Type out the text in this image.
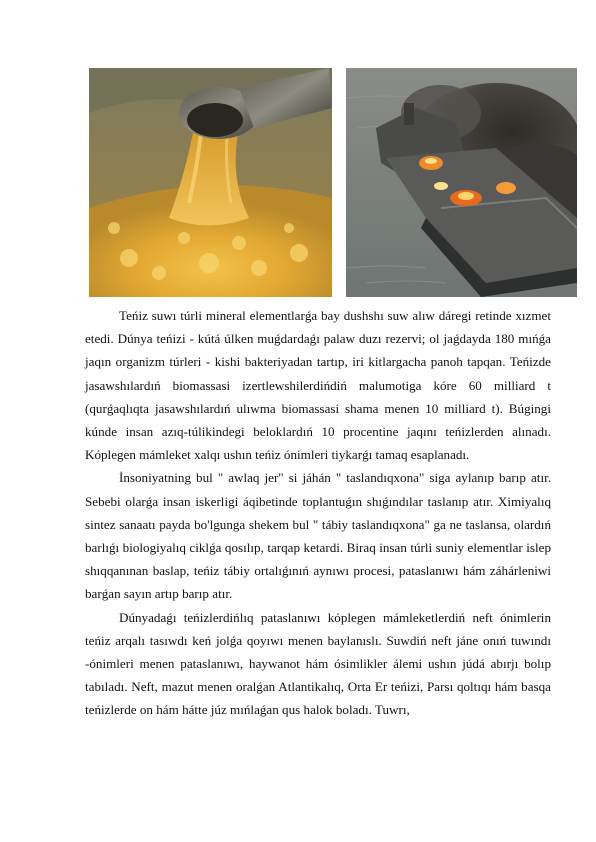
Teńiz suwı túrli mineral elementlarǵa bay dushshı suw alıw dáregi retinde xızmet etedi. Dúnya teńizi - kútá úlken muǵdardaǵı palaw duzı rezervi; ol jaǵdayda 180 mıńǵa jaqın organizm túrleri - kishi bakteriyadan tartıp, iri kitlargacha panoh tapqan. Teńizde jasawshılardıń biomassasi izertlewshilerdińdiń malumotiga kóre 60 milliard t (qurǵaqlıqta jasawshılardıń ulıwma biomassasi shama menen 10 milliard t). Búgingi kúnde insan azıq-túlikindegi beloklardıń 10 procentine jaqını teńizlerden alınadı. Kóplegen mámleket xalqı ushın teńiz ónimleri tiykarǵı tamaq esaplanadı.

İnsoniyatning bul " awlaq jer" si jáhán " taslandıqxona" siga aylanıp barıp atır. Sebebi olarǵa insan iskerligi áqibetinde toplantuǵın shıǵındılar taslanıp atır. Ximiyalıq sintez sanaatı payda bo'lgunga shekem bul " tábiy taslandıqxona" ga ne taslansa, olardıń barlıǵı biologiyalıq ciklǵa qosılıp, tarqap ketardi. Biraq insan túrli suniy elementlar islep shıqqanınan baslap, teńiz tábiy ortalıǵınıń aynıwı procesi, pataslanıwı hám záhárleniwi barǵan sayın artıp barıp atır.

Dúnyadaǵı teńizlerdińlıq pataslanıwı kóplegen mámleketlerdiń neft ónimlerin teńiz arqalı tasıwdı keń jolǵa qoyıwı menen baylanıslı. Suwdiń neft jáne onıń tuwındı -ónimleri menen pataslanıwı, haywanot hám ósimlikler álemi ushın júdá abırjı bolıp tabıladı. Neft, mazut menen oralǵan Atlantikalıq, Orta Er teńizi, Parsı qoltıqı hám basqa teńizlerde on hám hátte júz mıńlaǵan qus halok boladı. Tuwrı,
